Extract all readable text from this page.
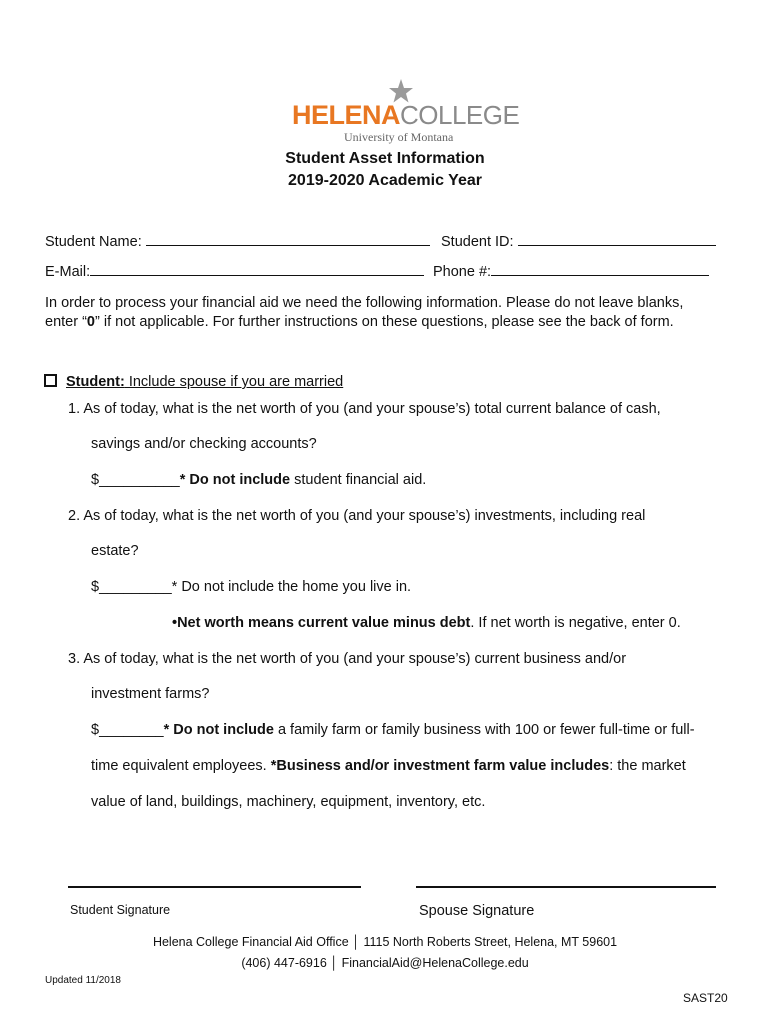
HELENACOLLEGE
University of Montana
Student Asset Information
2019-2020 Academic Year
Student Name:	Student ID:
E-Mail:	Phone #:
In order to process your financial aid we need the following information. Please do not leave blanks,
enter “0” if not applicable. For further instructions on these questions, please see the back of form.
Student: Include spouse if you are married
1. As of today, what is the net worth of you (and your spouse’s) total current balance of cash,
savings and/or checking accounts?
$__________* Do not include student financial aid.
2. As of today, what is the net worth of you (and your spouse’s) investments, including real
estate?
$_________* Do not include the home you live in.
•Net worth means current value minus debt. If net worth is negative, enter 0.
3. As of today, what is the net worth of you (and your spouse’s) current business and/or
investment farms?
$________* Do not include a family farm or family business with 100 or fewer full-time or full-
time equivalent employees. *Business and/or investment farm value includes: the market
value of land, buildings, machinery, equipment, inventory, etc.
Student Signature	Spouse Signature
Helena College Financial Aid Office │ 1115 North Roberts Street, Helena, MT 59601
(406) 447-6916 │ FinancialAid@HelenaCollege.edu
Updated 11/2018
SAST20
